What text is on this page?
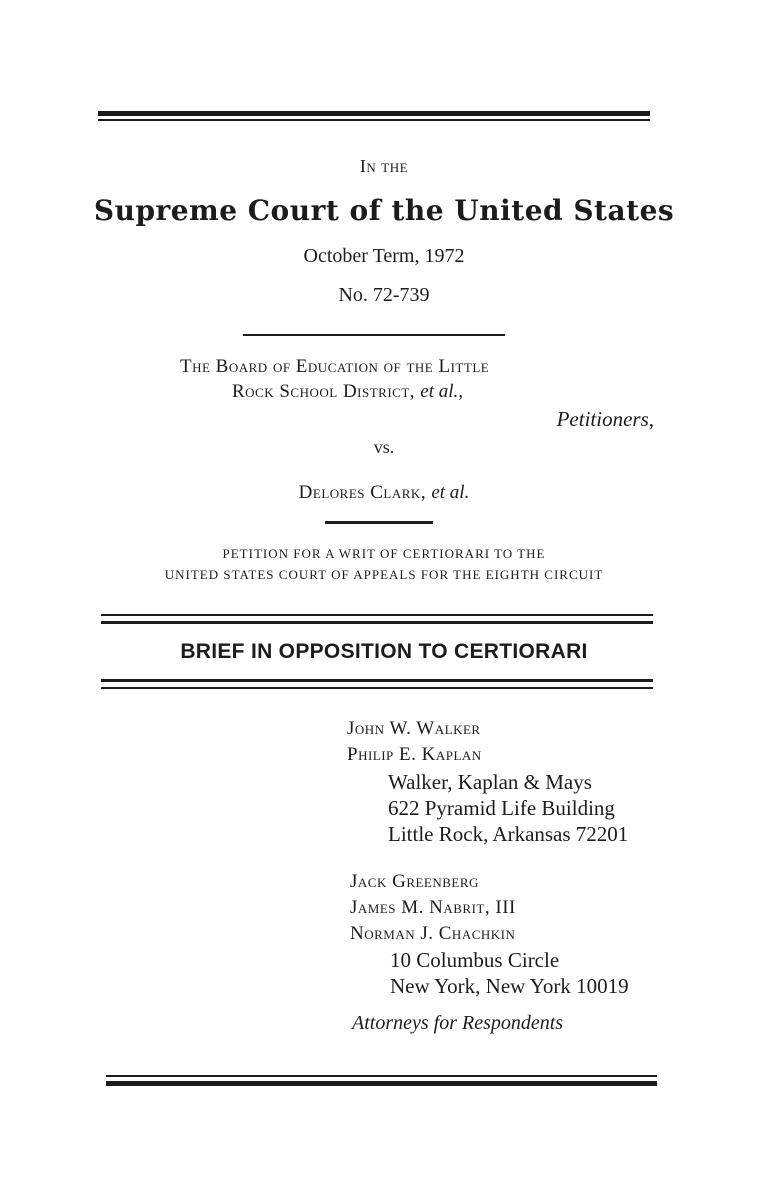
In the
Supreme Court of the United States
October Term, 1972
No. 72-739
The Board of Education of the Little
Rock School District, et al.,
Petitioners,
vs.
Delores Clark, et al.
PETITION FOR A WRIT OF CERTIORARI TO THE
UNITED STATES COURT OF APPEALS FOR THE EIGHTH CIRCUIT
BRIEF IN OPPOSITION TO CERTIORARI
John W. Walker
Philip E. Kaplan
Walker, Kaplan & Mays
622 Pyramid Life Building
Little Rock, Arkansas 72201
Jack Greenberg
James M. Nabrit, III
Norman J. Chachkin
10 Columbus Circle
New York, New York 10019
Attorneys for Respondents
